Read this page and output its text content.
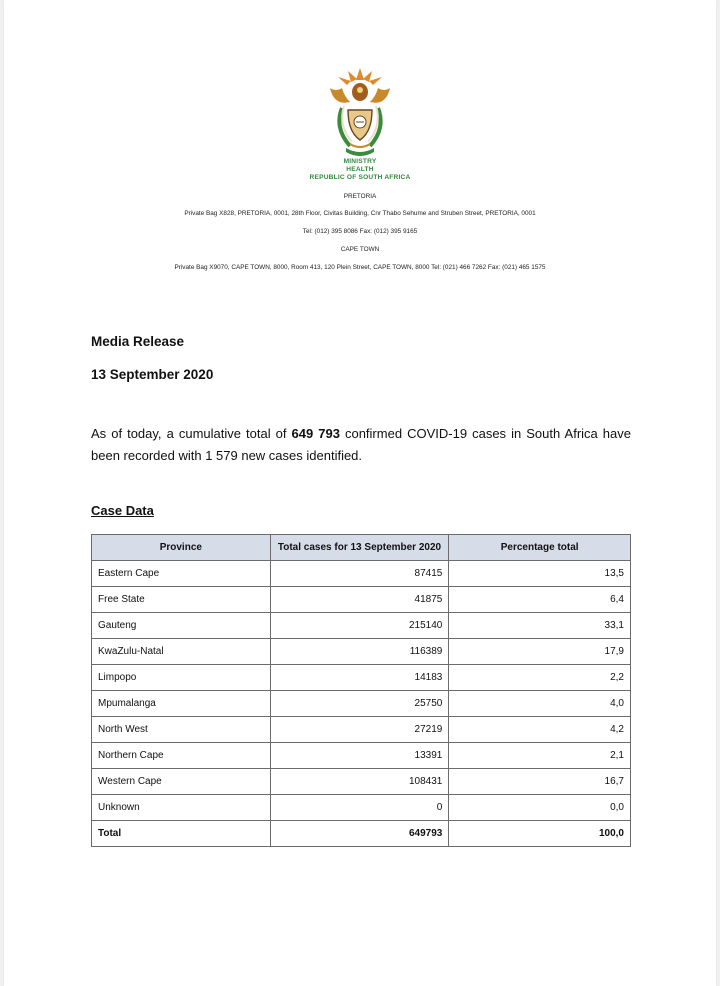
MINISTRY
HEALTH
REPUBLIC OF SOUTH AFRICA
PRETORIA
Private Bag X828, PRETORIA, 0001, 28th Floor, Civitas Building, Cnr Thabo Sehume and Struben Street, PRETORIA, 0001
Tel: (012) 395 8086 Fax: (012) 395 9165
CAPE TOWN
Private Bag X9070, CAPE TOWN, 8000, Room 413, 120 Plein Street, CAPE TOWN, 8000 Tel: (021) 466 7262 Fax: (021) 465 1575
Media Release
13 September 2020
As of today, a cumulative total of 649 793 confirmed COVID-19 cases in South Africa have been recorded with 1 579 new cases identified.
Case Data
Province	Total cases for 13 September 2020	Percentage total
Eastern Cape	87415	13,5
Free State	41875	6,4
Gauteng	215140	33,1
KwaZulu-Natal	116389	17,9
Limpopo	14183	2,2
Mpumalanga	25750	4,0
North West	27219	4,2
Northern Cape	13391	2,1
Western Cape	108431	16,7
Unknown	0	0,0
Total	649793	100,0
